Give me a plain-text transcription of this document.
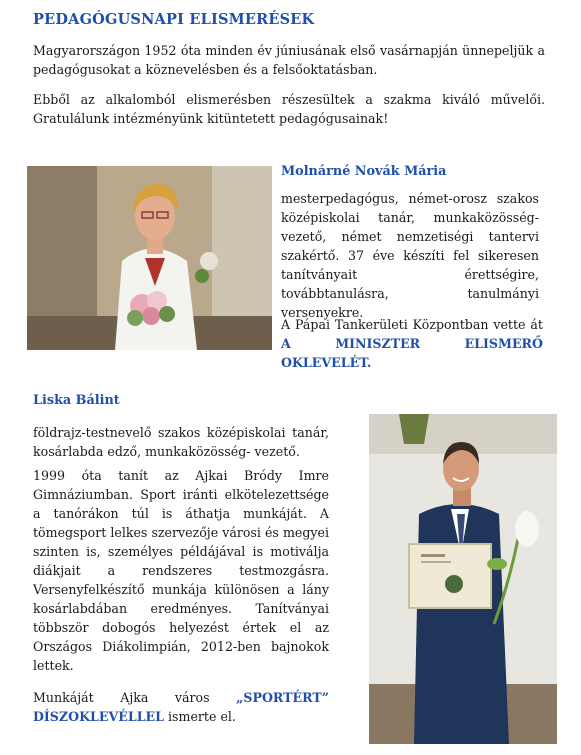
PEDAGÓGUSNAPI ELISMERÉSEK

Magyarországon 1952 óta minden év júniusának első vasárnapján ünnepeljük a pedagógusokat a köznevelésben és a felsőoktatásban.

Ebből az alkalomból elismerésben részesültek a szakma kiváló művelői. Gratulálunk intézményünk kitüntetett pedagógusainak!

Molnárné Novák Mária

mesterpedagógus, német-orosz szakos középiskolai tanár, munkaközösség-vezető, német nemzetiségi tantervi szakértő. 37 éve készíti fel sikeresen tanítványait érettségire, továbbtanulásra, tanulmányi versenyekre.

A Pápai Tankerületi Központban vette át A MINISZTER ELISMERŐ OKLEVELÉT.

Liska Bálint

földrajz-testnevelő szakos középiskolai tanár, kosárlabda edző, munkaközösség- vezető.

1999 óta tanít az Ajkai Bródy Imre Gimnáziumban. Sport iránti elkötelezettsége a tanórákon túl is áthatja munkáját. A tömegsport lelkes szervezője városi és megyei szinten is, személyes példájával is motiválja diákjait a rendszeres testmozgásra. Versenyfelkészítő munkája különösen a lány kosárlabdában eredményes. Tanítványai többször dobogós helyezést értek el az Országos Diákolimpián, 2012-ben bajnokok lettek.

Munkáját Ajka város „SPORTÉRT” DÍSZOKLEVÉLLEL ismerte el.
